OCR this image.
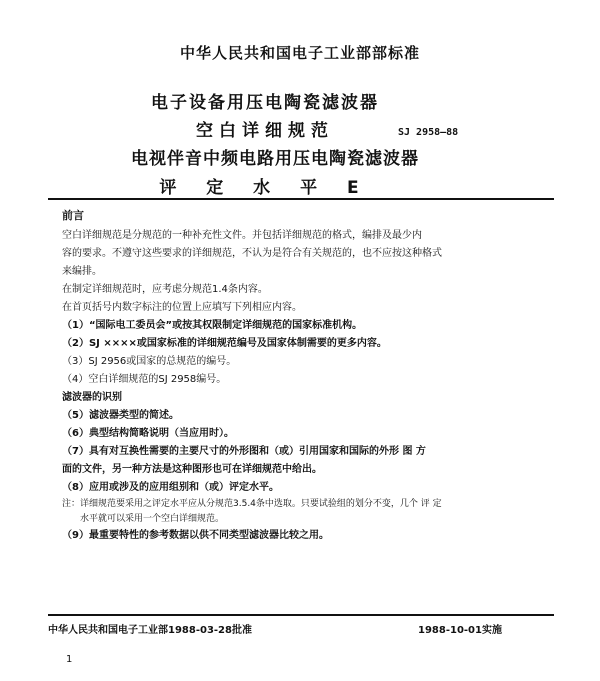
中华人民共和国电子工业部部标准
电子设备用压电陶瓷滤波器
空白详细规范
电视伴音中频电路用压电陶瓷滤波器
评 定 水 平 E
SJ 2958—88

前言

空白详细规范是分规范的一种补充性文件。并包括详细规范的格式，编排及最少内

容的要求。不遵守这些要求的详细规范，不认为是符合有关规范的，也不应按这种格式

来编排。

在制定详细规范时，应考虑分规范1.4条内容。

在首页括号内数字标注的位置上应填写下列相应内容。

（1）“国际电工委员会”或按其权限制定详细规范的国家标准机构。

（2）SJ ××××或国家标准的详细规范编号及国家体制需要的更多内容。

（3）SJ 2956或国家的总规范的编号。

（4）空白详细规范的SJ 2958编号。

滤波器的识别

（5）滤波器类型的简述。

（6）典型结构简略说明（当应用时）。

（7）具有对互换性需要的主要尺寸的外形图和（或）引用国家和国际的外形 图 方

面的文件，另一种方法是这种图形也可在详细规范中给出。

（8）应用或涉及的应用组别和（或）评定水平。

注：详细规范要采用之评定水平应从分规范3.5.4条中选取。只要试验组的划分不变，几个 评 定

水平就可以采用一个空白详细规范。

（9）最重要特性的参考数据以供不同类型滤波器比较之用。

中华人民共和国电子工业部1988-03-28批准	1988-10-01实施
1
